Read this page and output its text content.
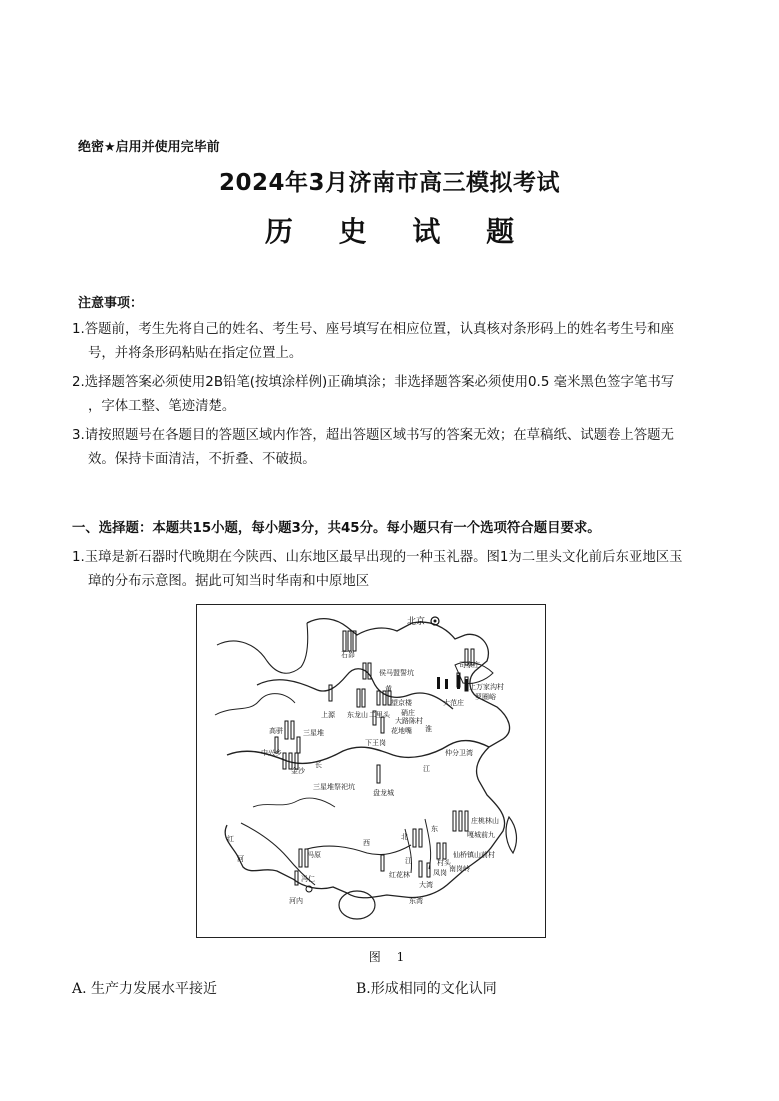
绝密★启用并使用完毕前
2024年3月济南市高三模拟考试
历 史 试 题
注意事项：
1.答题前，考生先将自己的姓名、考生号、座号填写在相应位置，认真核对条形码上的姓名考生号和座
号，并将条形码粘贴在指定位置上。
2.选择题答案必须使用2B铅笔(按填涂样例)正确填涂；非选择题答案必须使用0.5 毫米黑色签字笔书写
，字体工整、笔迹清楚。
3.请按照题号在各题目的答题区域内作答，超出答题区域书写的答案无效；在草稿纸、试题卷上答题无
效。保持卡面清洁，不折叠、不破损。
一、选择题：本题共15小题，每小题3分，共45分。每小题只有一个选项符合题目要求。
1.玉璋是新石器时代晚期在今陕西、山东地区最早出现的一种玉礼器。图1为二里头文化前后东亚地区玉
璋的分布示意图。据此可知当时华南和中原地区
北京
石峁
侯马盟誓坑
上源 东龙山 二里头
望京楼
硝庄
大路陈村
花地嘴
下王岗
司家庄
上万家沟村
罗圈峪
大范庄
高骈	三星堆
中兴乡
金沙
三星堆祭祀坑
盘龙城
仲分卫湾
长	江
淮
黄
红
河
西
北
江
东
庄桃林山
嘎城前九
仙桥镇山前村
村头
凤岗 南岗岭
红花林
大湾
东湾
冯原
冯仁
河内
图 1
A. 生产力发展水平接近	B.形成相同的文化认同
